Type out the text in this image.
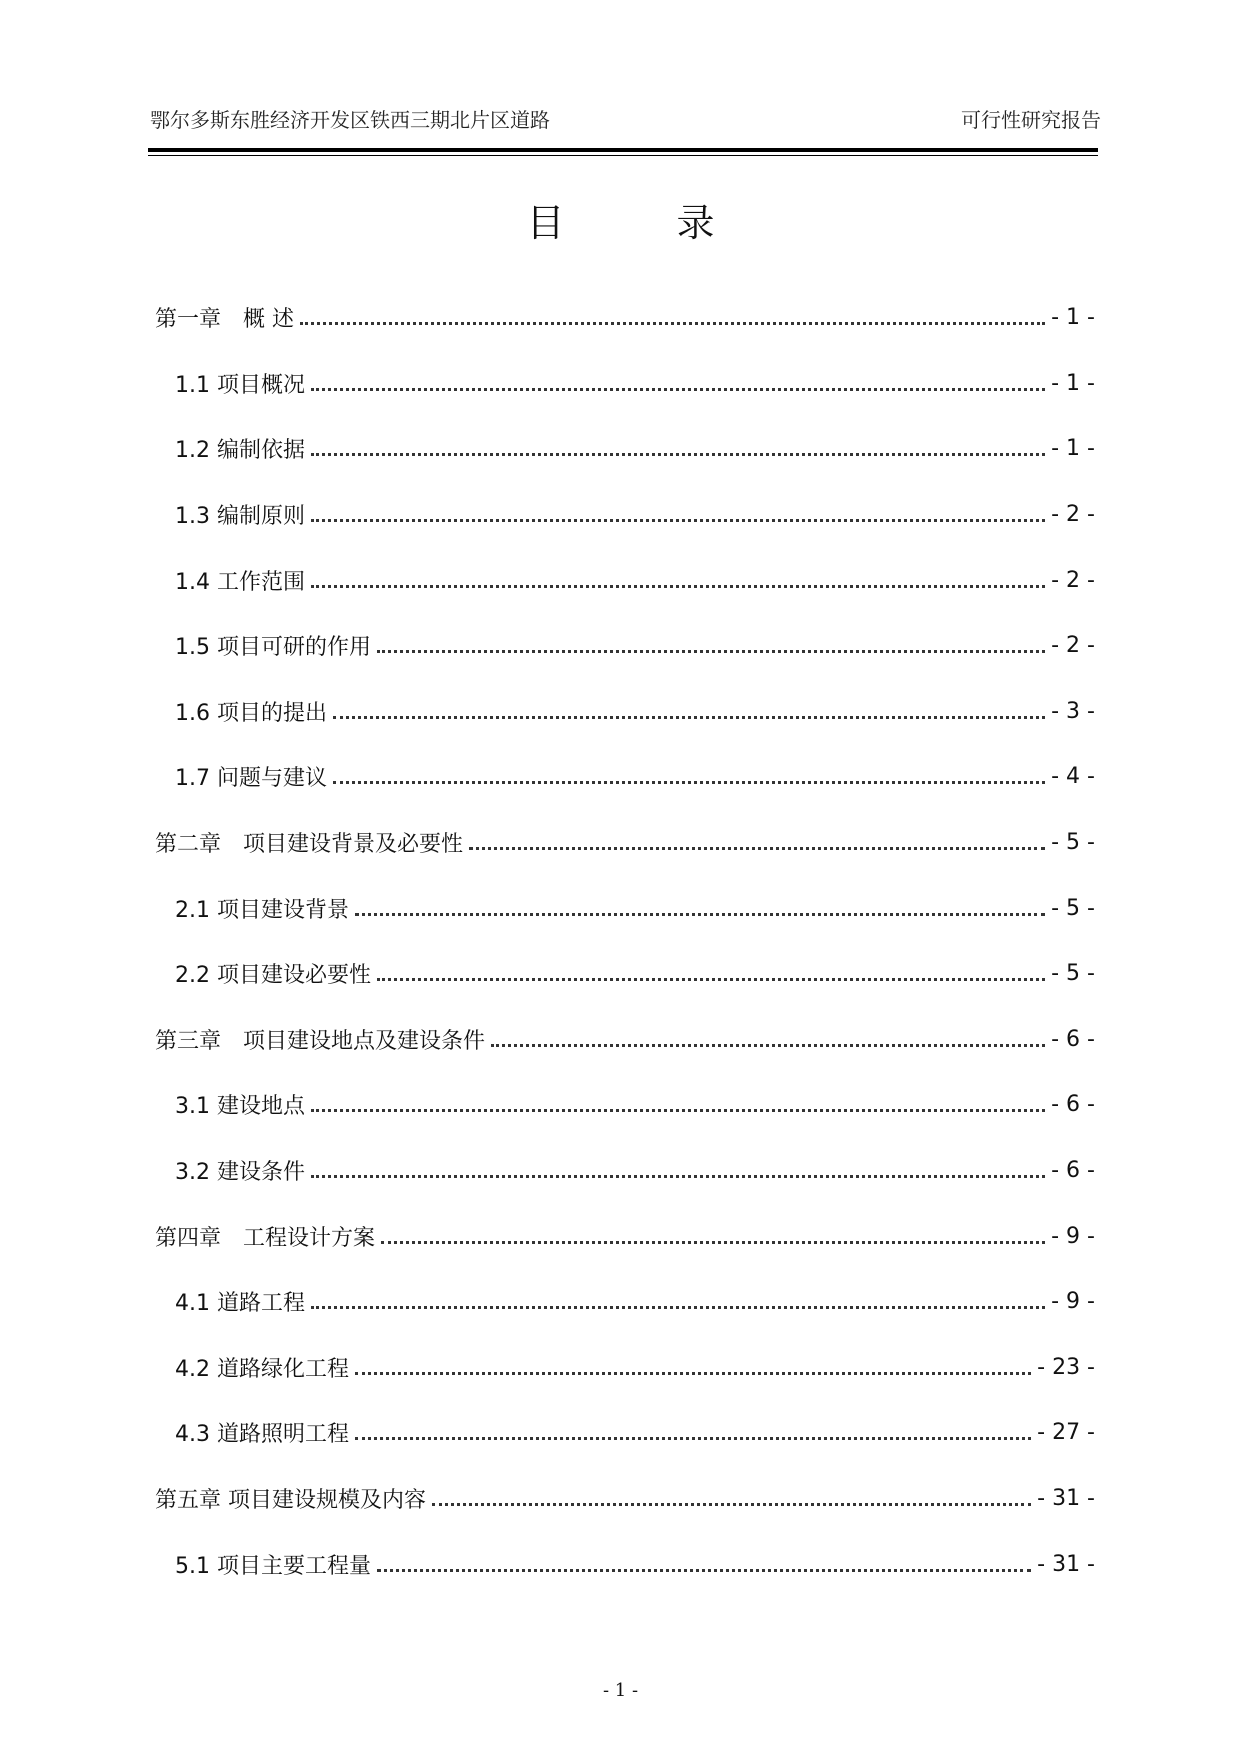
鄂尔多斯东胜经济开发区铁西三期北片区道路	可行性研究报告
目 录
第一章　概 述	- 1 -
1.1 项目概况	- 1 -
1.2 编制依据	- 1 -
1.3 编制原则	- 2 -
1.4 工作范围	- 2 -
1.5 项目可研的作用	- 2 -
1.6 项目的提出	- 3 -
1.7 问题与建议	- 4 -
第二章　项目建设背景及必要性	- 5 -
2.1 项目建设背景	- 5 -
2.2 项目建设必要性	- 5 -
第三章　项目建设地点及建设条件	- 6 -
3.1 建设地点	- 6 -
3.2 建设条件	- 6 -
第四章　工程设计方案	- 9 -
4.1 道路工程	- 9 -
4.2 道路绿化工程	- 23 -
4.3 道路照明工程	- 27 -
第五章 项目建设规模及内容	- 31 -
5.1 项目主要工程量	- 31 -
- 1 -
